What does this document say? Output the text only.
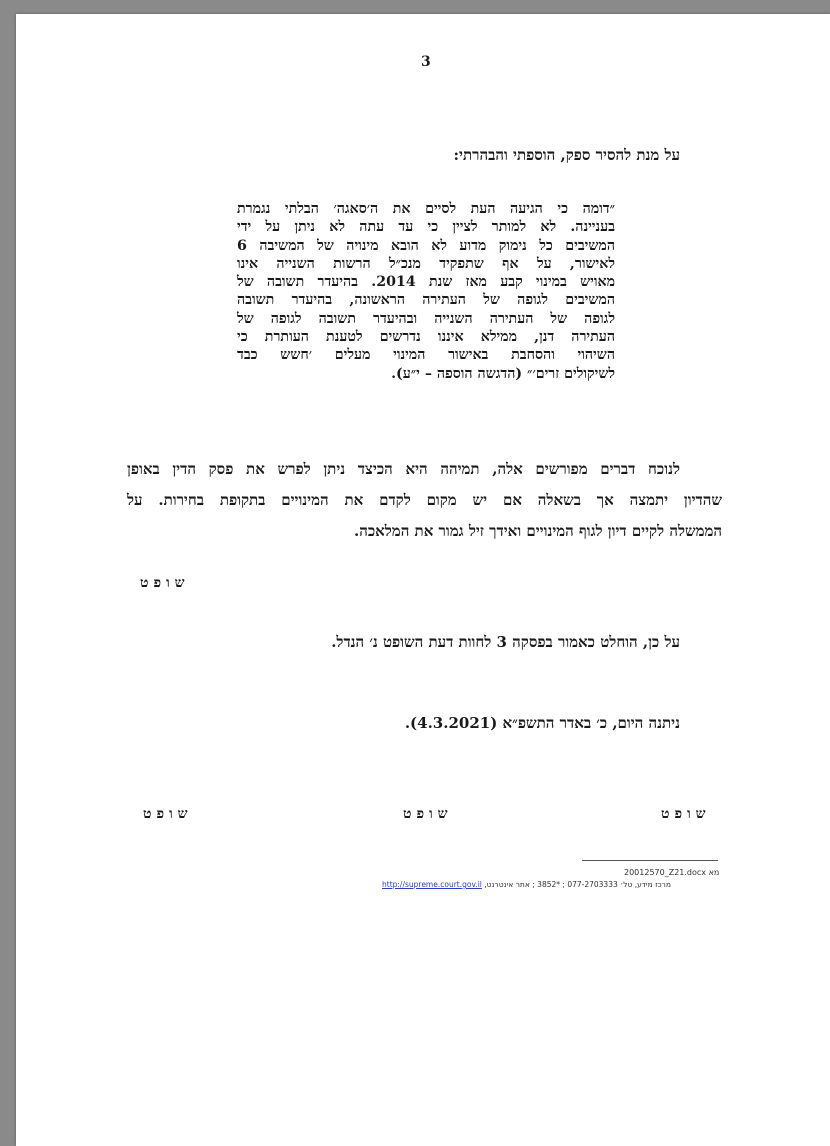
3
על מנת להסיר ספק, הוספתי והבהרתי:
״דומה כי הגיעה העת לסיים את ה׳סאגה׳ הבלתי נגמרת
בעניינה. לא למותר לציין כי עד עתה לא ניתן על ידי
המשיבים כל נימוק מדוע לא הובא מינויה של המשיבה 6
לאישור, על אף שתפקיד מנכ״ל הרשות השנייה אינו
מאויש במינוי קבע מאז שנת 2014. בהיעדר תשובה של
המשיבים לגופה של העתירה הראשונה, בהיעדר תשובה
לגופה של העתירה השנייה ובהיעדר תשובה לגופה של
העתירה דנן, ממילא איננו נדרשים לטענת העותרת כי
השיהוי והסחבת באישור המינוי מעלים ׳חשש כבד
לשיקולים זרים׳״ (הדגשה הוספה – י״ע).
לנוכח דברים מפורשים אלה, תמיהה היא הכיצד ניתן לפרש את פסק הדין באופן
שהדיון יתמצה אך בשאלה אם יש מקום לקדם את המינויים בתקופת בחירות. על
הממשלה לקיים דיון לגוף המינויים ואידך זיל גמור את המלאכה.
שופט
על כן, הוחלט כאמור בפסקה 3 לחוות דעת השופט נ׳ הנדל.
ניתנה היום, כ׳ באדר התשפ״א (4.3.2021).
שופט
שופט
שופט
20012570_Z21.docx מא
מרכז מידע, טל׳ 077-2703333 ; *3852 ; אתר אינטרנט, http://supreme.court.gov.il
